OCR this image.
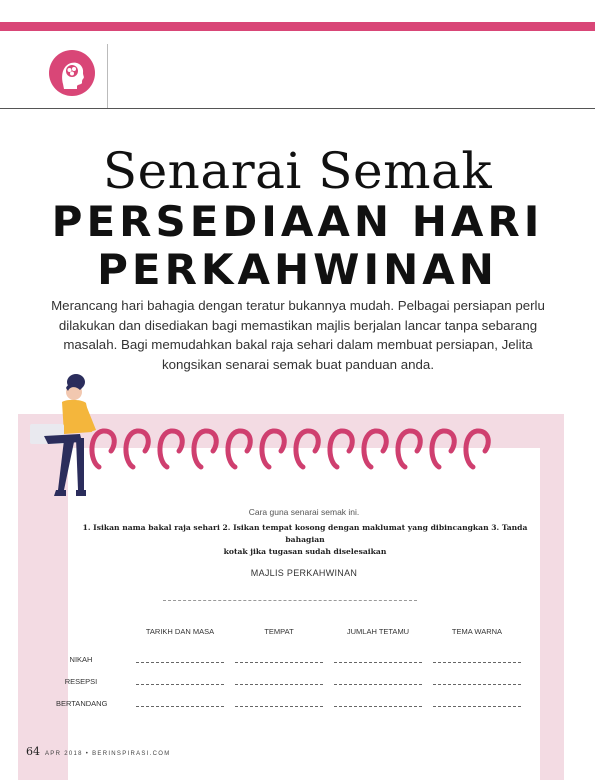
Senarai Semak
PERSEDIAAN HARI
PERKAHWINAN
Merancang hari bahagia dengan teratur bukannya mudah. Pelbagai persiapan perlu dilakukan dan disediakan bagi memastikan majlis berjalan lancar tanpa sebarang masalah. Bagi memudahkan bakal raja sehari dalam membuat persiapan, Jelita kongsikan senarai semak buat panduan anda.
Cara guna senarai semak ini.
1. Isikan nama bakal raja sehari 2. Isikan tempat kosong dengan maklumat yang dibincangkan 3. Tanda bahagian
kotak jika tugasan sudah diselesaikan
MAJLIS PERKAHWINAN
TARIKH DAN MASA	TEMPAT	JUMLAH TETAMU	TEMA WARNA
NIKAH
RESEPSI
BERTANDANG
64 APR 2018 • BERINSPIRASI.COM
